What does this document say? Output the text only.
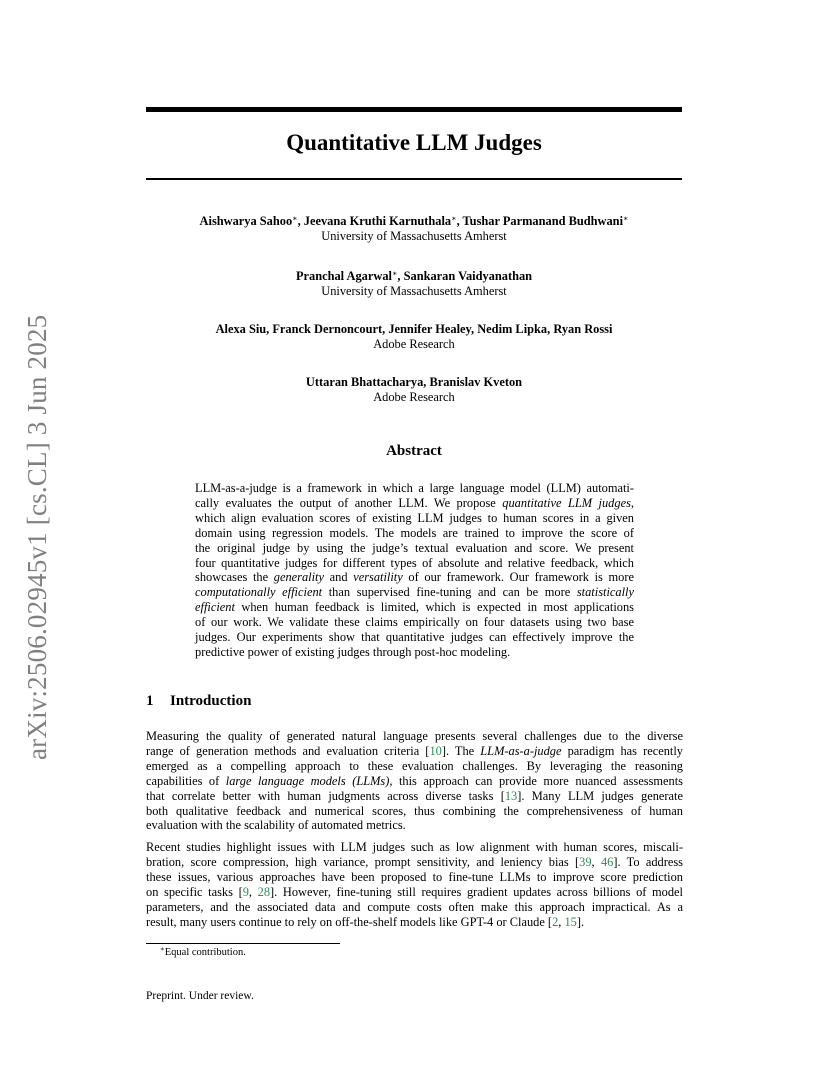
arXiv:2506.02945v1 [cs.CL] 3 Jun 2025
Quantitative LLM Judges
Aishwarya Sahoo∗, Jeevana Kruthi Karnuthala∗, Tushar Parmanand Budhwani∗
University of Massachusetts Amherst
Pranchal Agarwal∗, Sankaran Vaidyanathan
University of Massachusetts Amherst
Alexa Siu, Franck Dernoncourt, Jennifer Healey, Nedim Lipka, Ryan Rossi
Adobe Research
Uttaran Bhattacharya, Branislav Kveton
Adobe Research
Abstract
LLM-as-a-judge is a framework in which a large language model (LLM) automati-
cally evaluates the output of another LLM. We propose quantitative LLM judges,
which align evaluation scores of existing LLM judges to human scores in a given
domain using regression models. The models are trained to improve the score of
the original judge by using the judge’s textual evaluation and score. We present
four quantitative judges for different types of absolute and relative feedback, which
showcases the generality and versatility of our framework. Our framework is more
computationally efficient than supervised fine-tuning and can be more statistically
efficient when human feedback is limited, which is expected in most applications
of our work. We validate these claims empirically on four datasets using two base
judges. Our experiments show that quantitative judges can effectively improve the
predictive power of existing judges through post-hoc modeling.
1 Introduction
Measuring the quality of generated natural language presents several challenges due to the diverse
range of generation methods and evaluation criteria [10]. The LLM-as-a-judge paradigm has recently
emerged as a compelling approach to these evaluation challenges. By leveraging the reasoning
capabilities of large language models (LLMs), this approach can provide more nuanced assessments
that correlate better with human judgments across diverse tasks [13]. Many LLM judges generate
both qualitative feedback and numerical scores, thus combining the comprehensiveness of human
evaluation with the scalability of automated metrics.
Recent studies highlight issues with LLM judges such as low alignment with human scores, miscali-
bration, score compression, high variance, prompt sensitivity, and leniency bias [39, 46]. To address
these issues, various approaches have been proposed to fine-tune LLMs to improve score prediction
on specific tasks [9, 28]. However, fine-tuning still requires gradient updates across billions of model
parameters, and the associated data and compute costs often make this approach impractical. As a
result, many users continue to rely on off-the-shelf models like GPT-4 or Claude [2, 15].
∗Equal contribution.
Preprint. Under review.
